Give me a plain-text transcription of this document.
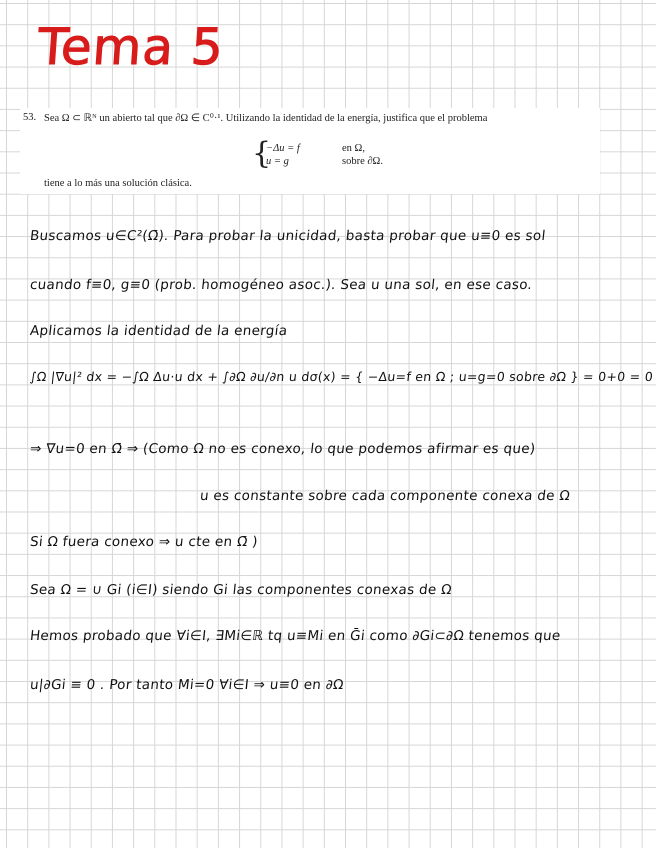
Tema 5
53. Sea Ω ⊂ ℝᴺ un abierto tal que ∂Ω ∈ C⁰·¹. Utilizando la identidad de la energía, justifica que el problema
{
−Δu = f	en Ω,
u = g	sobre ∂Ω.
tiene a lo más una solución clásica.
Buscamos u∈C²(Ω̄). Para probar la unicidad, basta probar que u≡0 es sol
cuando f≡0, g≡0 (prob. homogéneo asoc.). Sea u una sol, en ese caso.
Aplicamos la identidad de la energía
∫Ω |∇u|² dx = −∫Ω Δu·u dx + ∫∂Ω ∂u/∂n u dσ(x) = { −Δu=f en Ω ; u=g=0 sobre ∂Ω } = 0+0 = 0
⇒ ∇u=0 en Ω̄ ⇒ (Como Ω no es conexo, lo que podemos afirmar es que)
u es constante sobre cada componente conexa de Ω
Si Ω fuera conexo ⇒ u cte en Ω̄ )
Sea Ω = ∪ Gi (i∈I) siendo Gi las componentes conexas de Ω
Hemos probado que ∀i∈I, ∃Mi∈ℝ tq u≡Mi en Ḡi como ∂Gi⊂∂Ω tenemos que
u|∂Gi ≡ 0 . Por tanto Mi=0 ∀i∈I ⇒ u≡0 en ∂Ω
